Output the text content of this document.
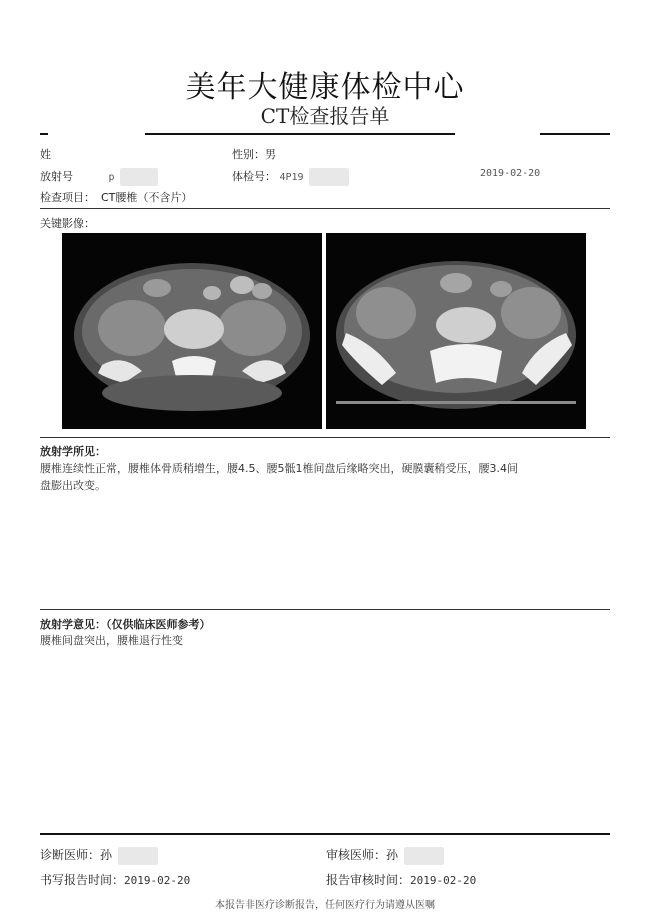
美年大健康体检中心
CT检查报告单
姓	性别：男
放射号	p	体检号： 4P19	2019-02-20
检查项目： CT腰椎（不含片）
关键影像：
放射学所见：
腰椎连续性正常，腰椎体骨质稍增生，腰4.5、腰5骶1椎间盘后缘略突出，硬膜囊稍受压，腰3.4间
盘膨出改变。
放射学意见：（仅供临床医师参考）
腰椎间盘突出，腰椎退行性变
诊断医师：孙	审核医师：孙
书写报告时间：2019-02-20	报告审核时间：2019-02-20
本报告非医疗诊断报告，任何医疗行为请遵从医嘱
